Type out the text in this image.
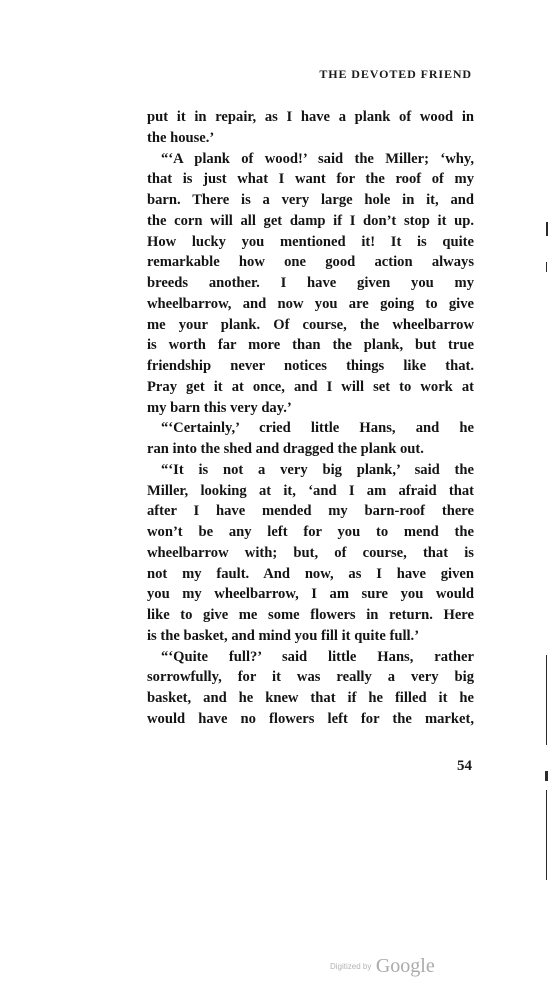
THE DEVOTED FRIEND
put it in repair, as I have a plank of wood in
the house.’
“‘A plank of wood!’ said the Miller; ‘why,
that is just what I want for the roof of my
barn. There is a very large hole in it, and
the corn will all get damp if I don’t stop it up.
How lucky you mentioned it! It is quite
remarkable how one good action always
breeds another. I have given you my
wheelbarrow, and now you are going to give
me your plank. Of course, the wheelbarrow
is worth far more than the plank, but true
friendship never notices things like that.
Pray get it at once, and I will set to work at
my barn this very day.’
“‘Certainly,’ cried little Hans, and he
ran into the shed and dragged the plank out.
“‘It is not a very big plank,’ said the
Miller, looking at it, ‘and I am afraid that
after I have mended my barn-roof there
won’t be any left for you to mend the
wheelbarrow with; but, of course, that is
not my fault. And now, as I have given
you my wheelbarrow, I am sure you would
like to give me some flowers in return. Here
is the basket, and mind you fill it quite full.’
“‘Quite full?’ said little Hans, rather
sorrowfully, for it was really a very big
basket, and he knew that if he filled it he
would have no flowers left for the market,
54
Digitized by Google
